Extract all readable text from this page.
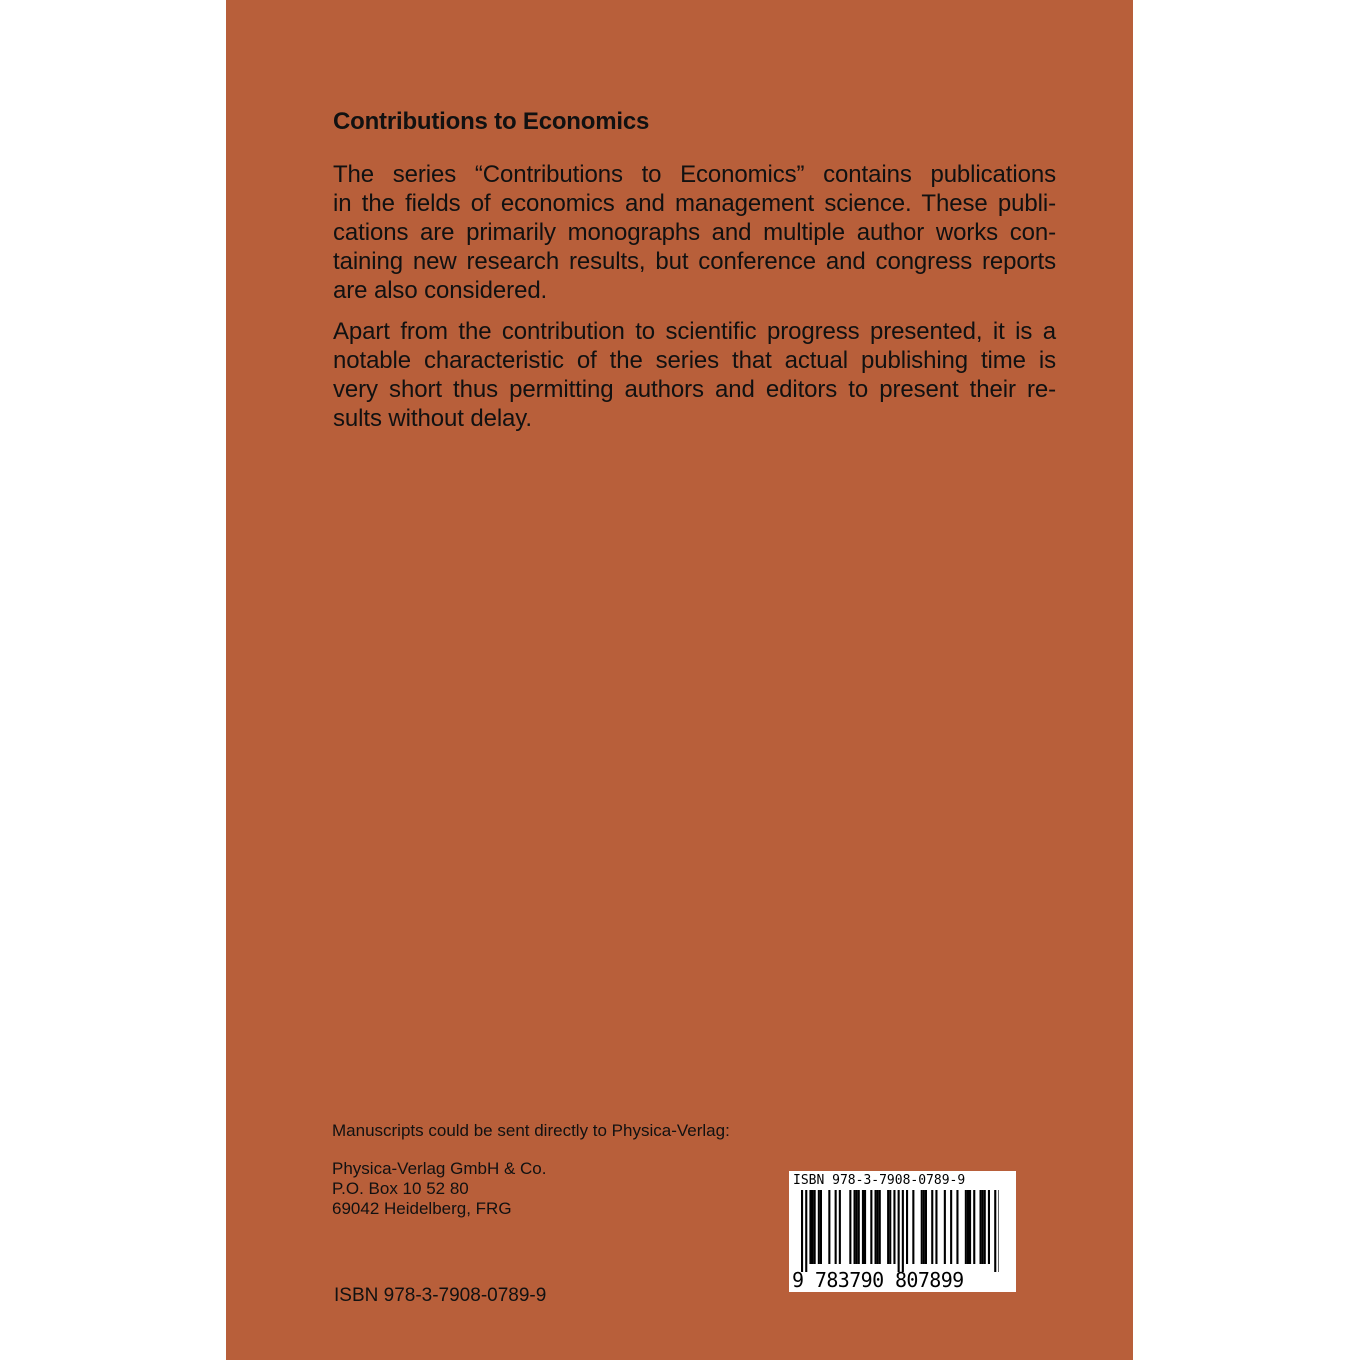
Contributions to Economics

The series “Contributions to Economics” contains publications
in the fields of economics and management science. These publi-
cations are primarily monographs and multiple author works con-
taining new research results, but conference and congress reports
are also considered.

Apart from the contribution to scientific progress presented, it is a
notable characteristic of the series that actual publishing time is
very short thus permitting authors and editors to present their re-
sults without delay.

Manuscripts could be sent directly to Physica-Verlag:

Physica-Verlag GmbH & Co.
P.O. Box 10 52 80
69042 Heidelberg, FRG

ISBN 978-3-7908-0789-9
9 783790 807899

ISBN 978-3-7908-0789-9
